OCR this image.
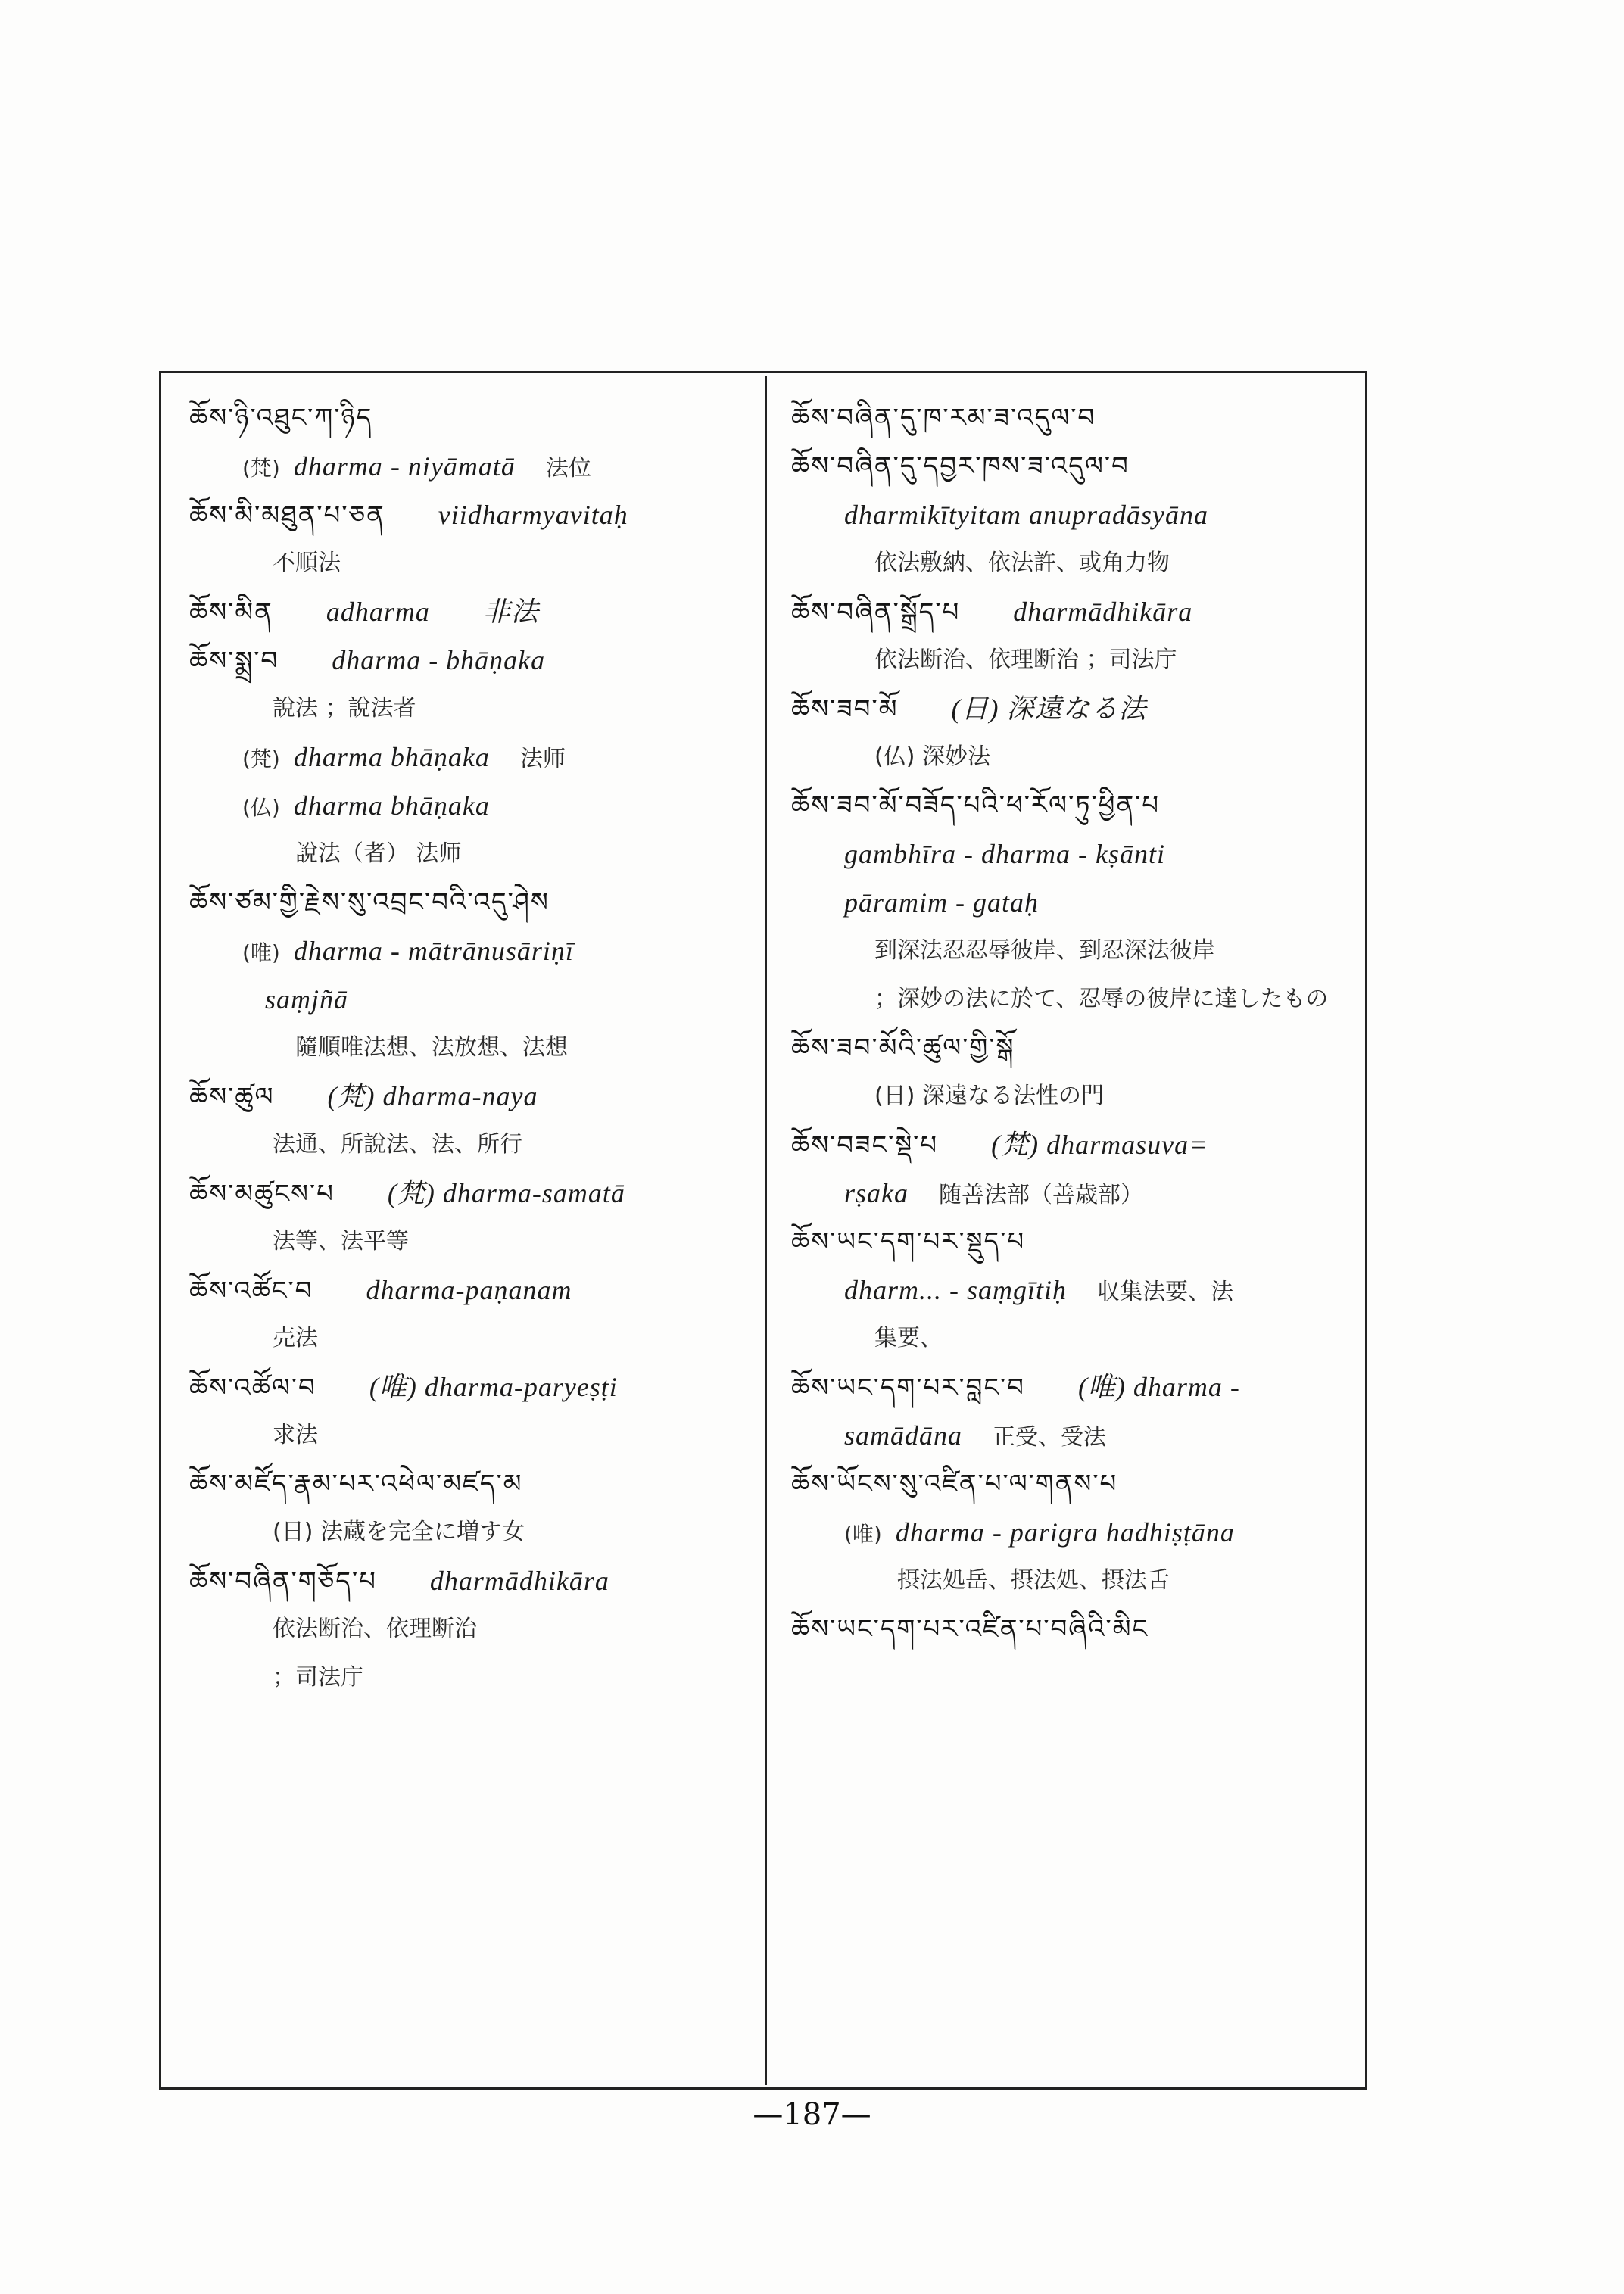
ཆོས་ཉི་འཐུང་ཀ་ཉིད
(梵) dharma - niyāmatā 法位
ཆོས་མི་མཐུན་པ་ཅན viidharmyavitaḥ
不順法
ཆོས་མིན adharma 非法
ཆོས་སྨྲ་བ dharma - bhāṇaka
說法 ；說法者
(梵) dharma bhāṇaka 法师
(仏) dharma bhāṇaka
說法（者） 法师
ཆོས་ཙམ་གྱི་རྗེས་སུ་འབྲང་བའི་འདུ་ཤེས
(唯) dharma - mātrānusāriṇī
saṃjñā
隨順唯法想、法放想、法想
ཆོས་ཚུལ (梵) dharma-naya
法通、所說法、法、所行
ཆོས་མཚུངས་པ (梵) dharma-samatā
法等、法平等
ཆོས་འཚོང་བ dharma-paṇanam
売法
ཆོས་འཚོལ་བ (唯) dharma-paryeṣṭi
求法
ཆོས་མཛོད་རྣམ་པར་འཕེལ་མཛད་མ
(日) 法蔵を完全に増す女
ཆོས་བཞིན་གཅོད་པ dharmādhikāra
依法断治、依理断治
；司法庁
ཆོས་བཞིན་དུ་ཁ་རམ་ཟ་འདུལ་བ
ཆོས་བཞིན་དུ་དབྱར་ཁས་ཟ་འདུལ་བ
dharmikītyitam anupradāsyāna
依法敷納、依法許、或角力物
ཆོས་བཞིན་སྒྲོད་པ dharmādhikāra
依法断治、依理断治 ；司法庁
ཆོས་ཟབ་མོ (日) 深遠なる法
(仏) 深妙法
ཆོས་ཟབ་མོ་བཟོད་པའི་ཕ་རོལ་ཏུ་ཕྱིན་པ
gambhīra - dharma - kṣānti
pāramim - gataḥ
到深法忍忍辱彼岸、到忍深法彼岸
；深妙の法に於て、忍辱の彼岸に達したもの
ཆོས་ཟབ་མོའི་ཚུལ་གྱི་སྒོ
(日) 深遠なる法性の門
ཆོས་བཟང་སྡེ་པ (梵) dharmasuva=
rṣaka 随善法部（善歳部）
ཆོས་ཡང་དག་པར་སྡུད་པ
dharm... - saṃgītiḥ 収集法要、法
集要、
ཆོས་ཡང་དག་པར་བླང་བ (唯) dharma -
samādāna 正受、受法
ཆོས་ཡོངས་སུ་འཛིན་པ་ལ་གནས་པ
(唯) dharma - parigra hadhiṣṭāna
摂法処岳、摂法処、摂法舌
ཆོས་ཡང་དག་པར་འཛིན་པ་བཞིའི་མིང
—187—
